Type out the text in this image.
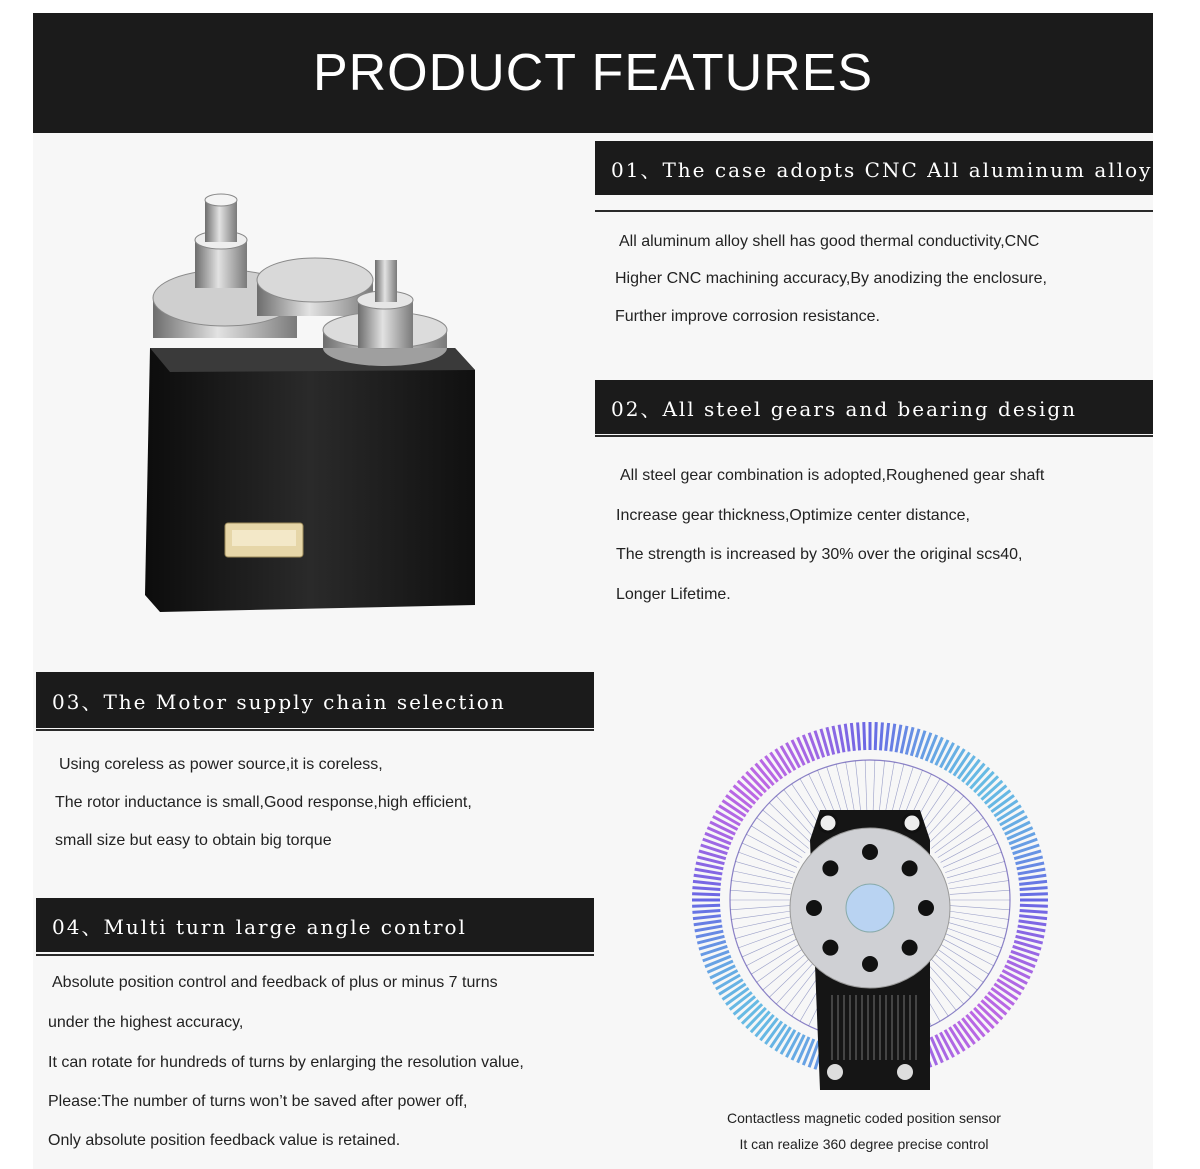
PRODUCT FEATURES
01、The case adopts CNC All aluminum alloy
All aluminum alloy shell has good thermal conductivity,CNC
Higher CNC machining accuracy,By anodizing the enclosure,
Further improve corrosion resistance.
02、All steel gears and bearing design
All steel gear combination is adopted,Roughened gear shaft
Increase gear thickness,Optimize center distance,
The strength is increased by 30% over the original scs40,
Longer Lifetime.
03、The Motor supply chain selection
Using coreless as power source,it is coreless,
The rotor inductance is small,Good response,high efficient,
small size but easy to obtain big torque
04、Multi turn large angle control
Absolute position control and feedback of plus or minus 7 turns
under the highest accuracy,
It can rotate for hundreds of turns by enlarging the resolution value,
Please:The number of turns won’t be saved after power off,
Only absolute position feedback value is retained.
Contactless magnetic coded position sensor
It can realize 360 degree precise control
